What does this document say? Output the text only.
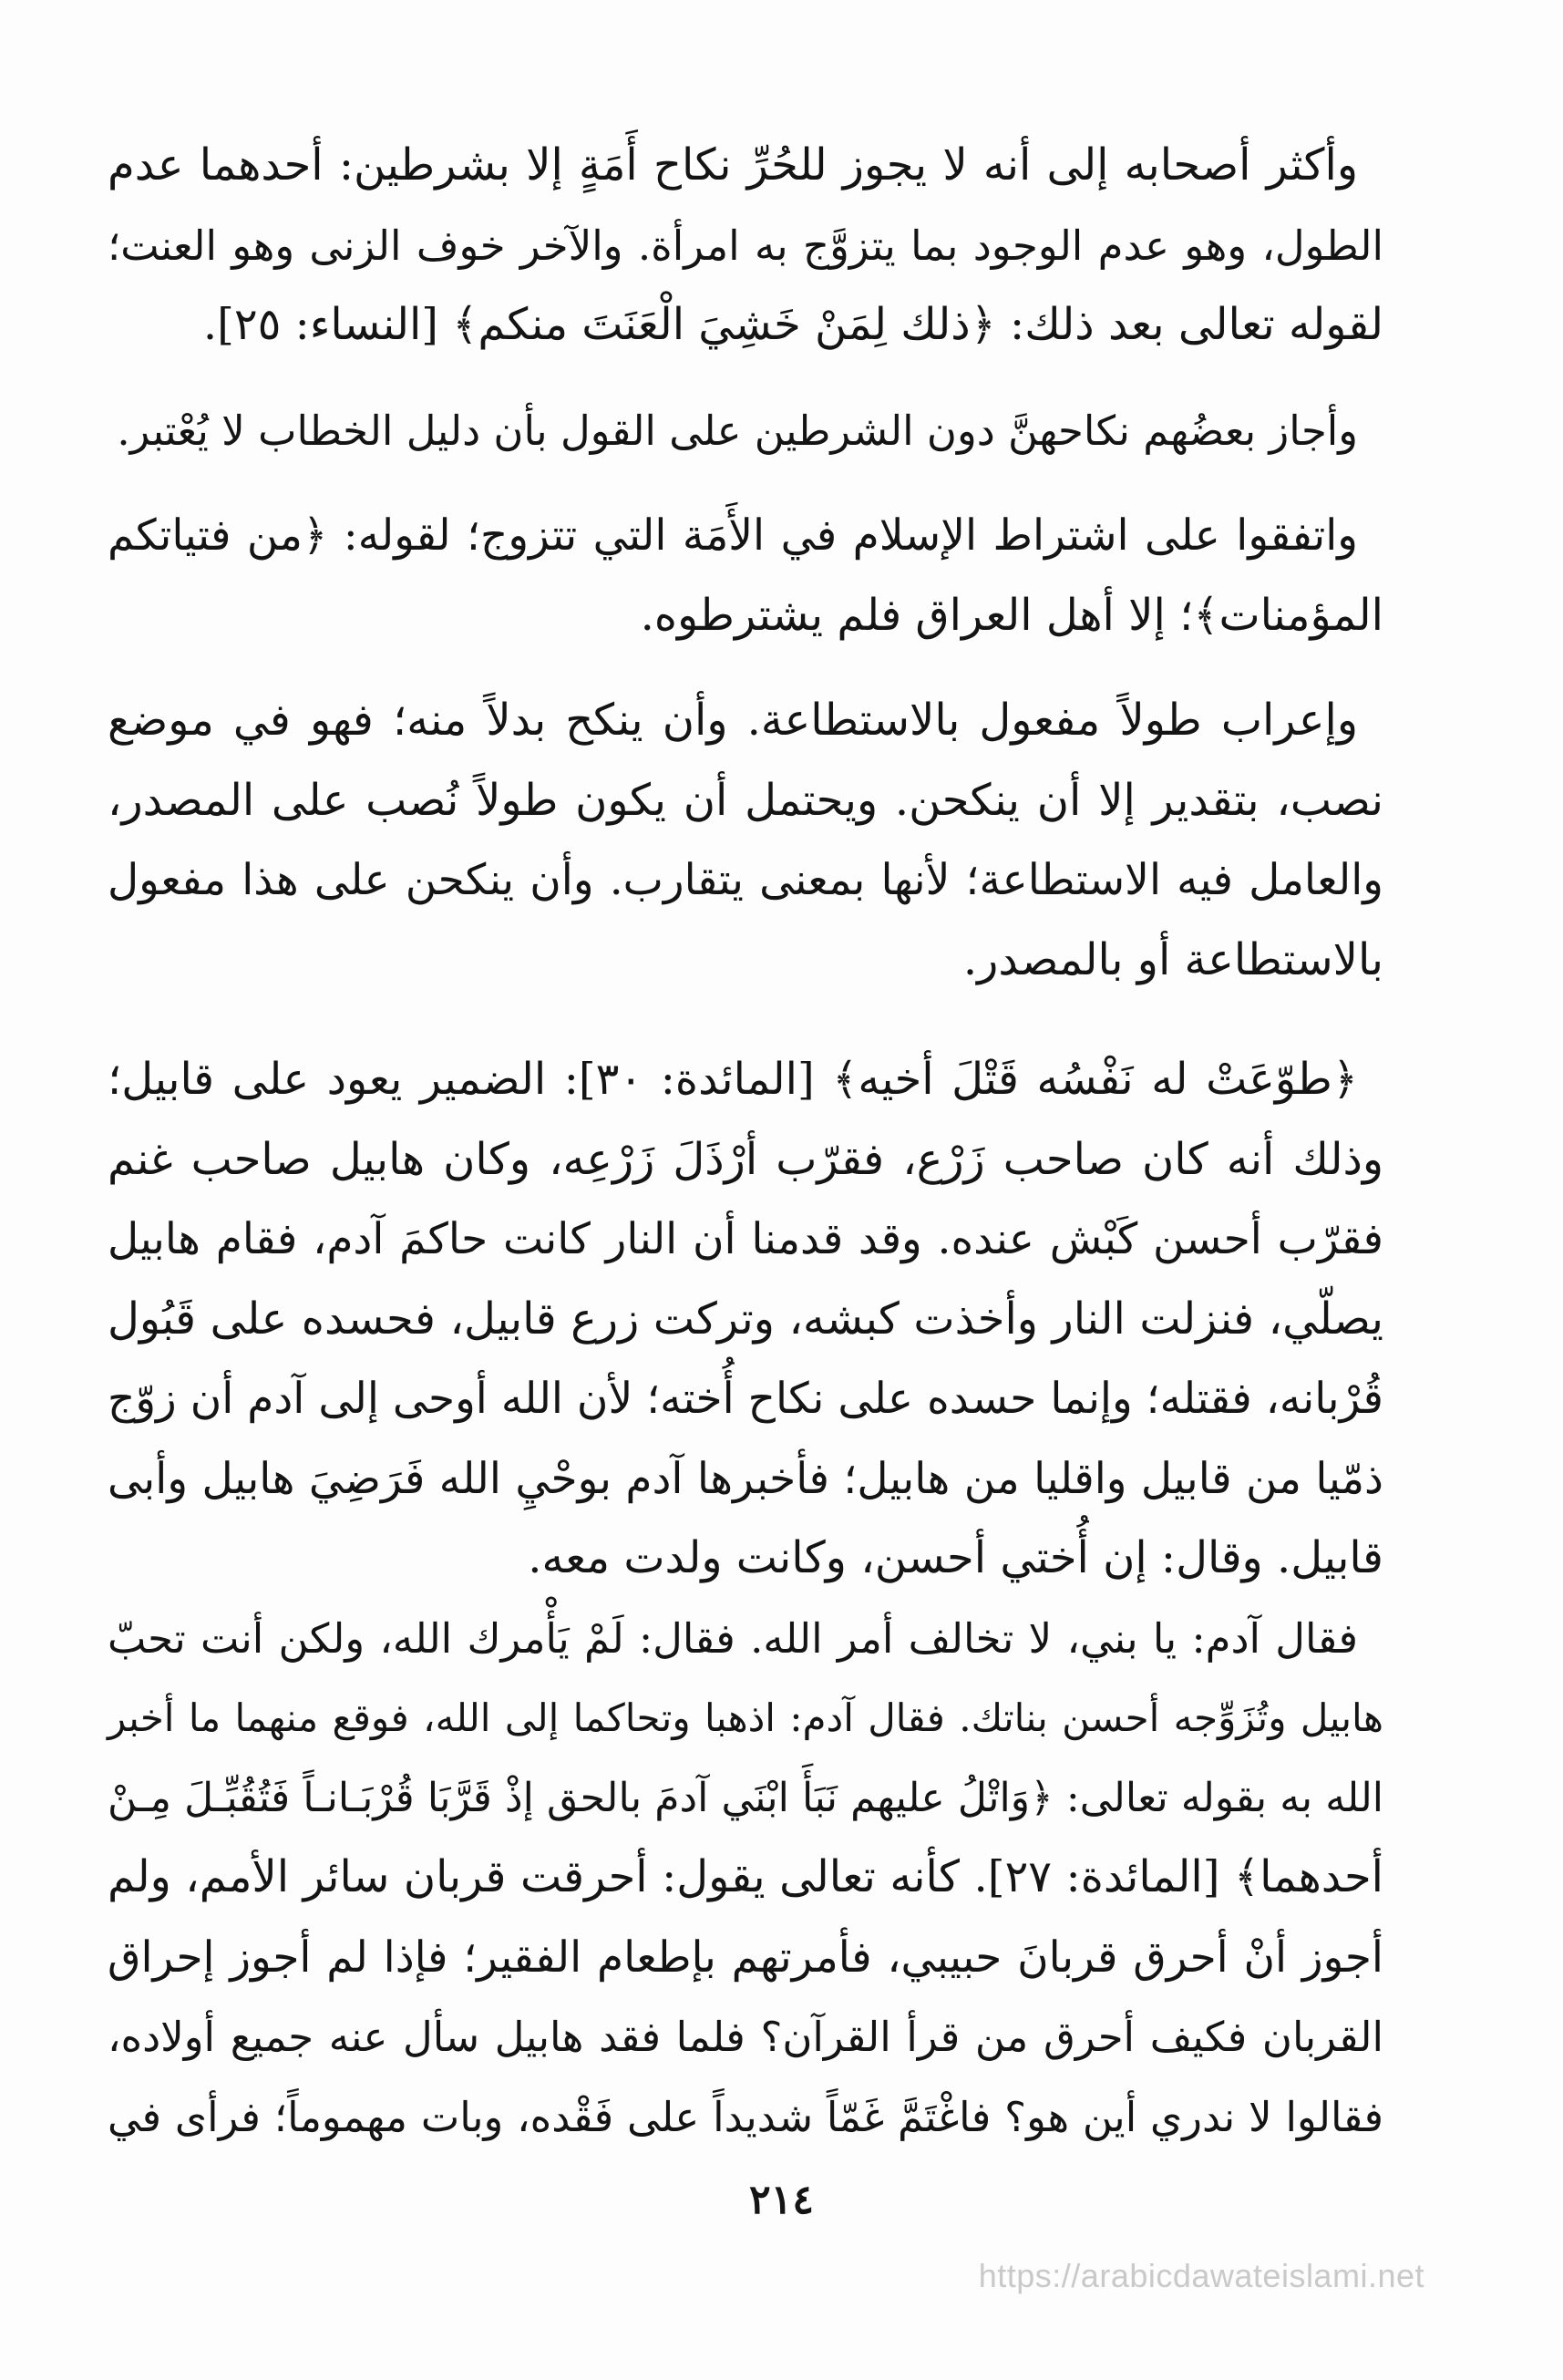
وأكثر أصحابه إلى أنه لا يجوز للحُرِّ نكاح أَمَةٍ إلا بشرطين: أحدهما عدم
الطول، وهو عدم الوجود بما يتزوَّج به امرأة. والآخر خوف الزنى وهو العنت؛
لقوله تعالى بعد ذلك: ﴿ذلك لِمَنْ خَشِيَ الْعَنَتَ منكم﴾ [النساء: ٢٥].

وأجاز بعضُهم نكاحهنَّ دون الشرطين على القول بأن دليل الخطاب لا يُعْتبر.

واتفقوا على اشتراط الإسلام في الأَمَة التي تتزوج؛ لقوله: ﴿من فتياتكم
المؤمنات﴾؛ إلا أهل العراق فلم يشترطوه.

وإعراب طولاً مفعول بالاستطاعة. وأن ينكح بدلاً منه؛ فهو في موضع
نصب، بتقدير إلا أن ينكحن. ويحتمل أن يكون طولاً نُصب على المصدر،
والعامل فيه الاستطاعة؛ لأنها بمعنى يتقارب. وأن ينكحن على هذا مفعول
بالاستطاعة أو بالمصدر.

﴿طوّعَتْ له نَفْسُه قَتْلَ أخيه﴾ [المائدة: ٣٠]: الضمير يعود على قابيل؛
وذلك أنه كان صاحب زَرْع، فقرّب أرْذَلَ زَرْعِه، وكان هابيل صاحب غنم
فقرّب أحسن كَبْش عنده. وقد قدمنا أن النار كانت حاكمَ آدم، فقام هابيل
يصلّي، فنزلت النار وأخذت كبشه، وتركت زرع قابيل، فحسده على قَبُول
قُرْبانه، فقتله؛ وإنما حسده على نكاح أُخته؛ لأن الله أوحى إلى آدم أن زوّج
ذمّيا من قابيل واقليا من هابيل؛ فأخبرها آدم بوحْيِ الله فَرَضِيَ هابيل وأبى
قابيل. وقال: إن أُختي أحسن، وكانت ولدت معه.

فقال آدم: يا بني، لا تخالف أمر الله. فقال: لَمْ يَأْمرك الله، ولكن أنت تحبّ
هابيل وتُزَوِّجه أحسن بناتك. فقال آدم: اذهبا وتحاكما إلى الله، فوقع منهما ما أخبر
الله به بقوله تعالى: ﴿وَاتْلُ عليهم نَبَأَ ابْنَي آدمَ بالحق إذْ قَرَّبَا قُرْبَـانـاً فَتُقُبِّـلَ مِـنْ
أحدهما﴾ [المائدة: ٢٧]. كأنه تعالى يقول: أحرقت قربان سائر الأمم، ولم
أجوز أنْ أحرق قربانَ حبيبي، فأمرتهم بإطعام الفقير؛ فإذا لم أجوز إحراق
القربان فكيف أحرق من قرأ القرآن؟ فلما فقد هابيل سأل عنه جميع أولاده،
فقالوا لا ندري أين هو؟ فاغْتَمَّ غَمّاً شديداً على فَقْده، وبات مهموماً؛ فرأى في

٢١٤
https://arabicdawateislami.net
